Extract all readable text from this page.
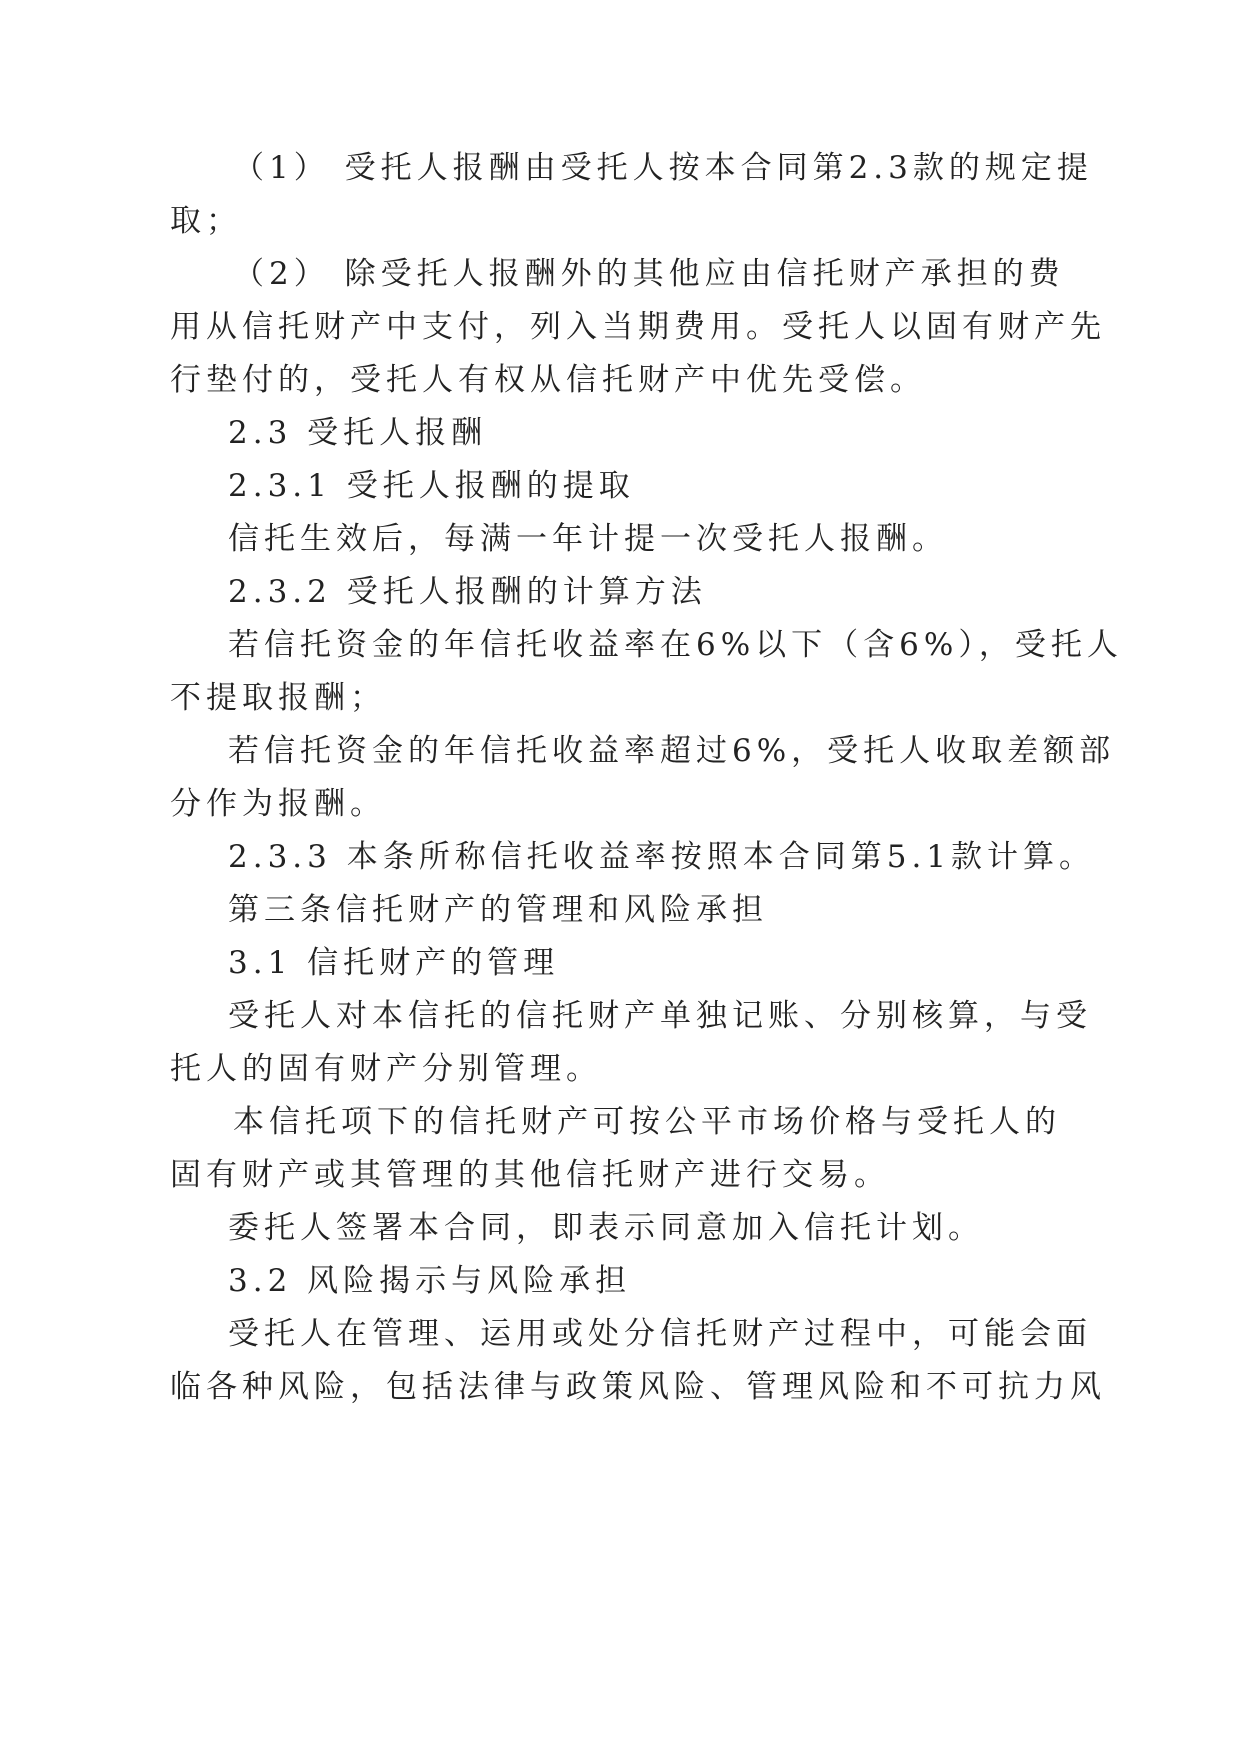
（1） 受托人报酬由受托人按本合同第2.3款的规定提

取；

（2） 除受托人报酬外的其他应由信托财产承担的费

用从信托财产中支付，列入当期费用。受托人以固有财产先

行垫付的，受托人有权从信托财产中优先受偿。

2.3 受托人报酬

2.3.1 受托人报酬的提取

信托生效后，每满一年计提一次受托人报酬。

2.3.2 受托人报酬的计算方法

若信托资金的年信托收益率在6%以下（含6%），受托人

不提取报酬；

若信托资金的年信托收益率超过6%，受托人收取差额部

分作为报酬。

2.3.3 本条所称信托收益率按照本合同第5.1款计算。

第三条信托财产的管理和风险承担

3.1 信托财产的管理

受托人对本信托的信托财产单独记账、分别核算，与受

托人的固有财产分别管理。

本信托项下的信托财产可按公平市场价格与受托人的

固有财产或其管理的其他信托财产进行交易。

委托人签署本合同，即表示同意加入信托计划。

3.2 风险揭示与风险承担

受托人在管理、运用或处分信托财产过程中，可能会面

临各种风险，包括法律与政策风险、管理风险和不可抗力风
